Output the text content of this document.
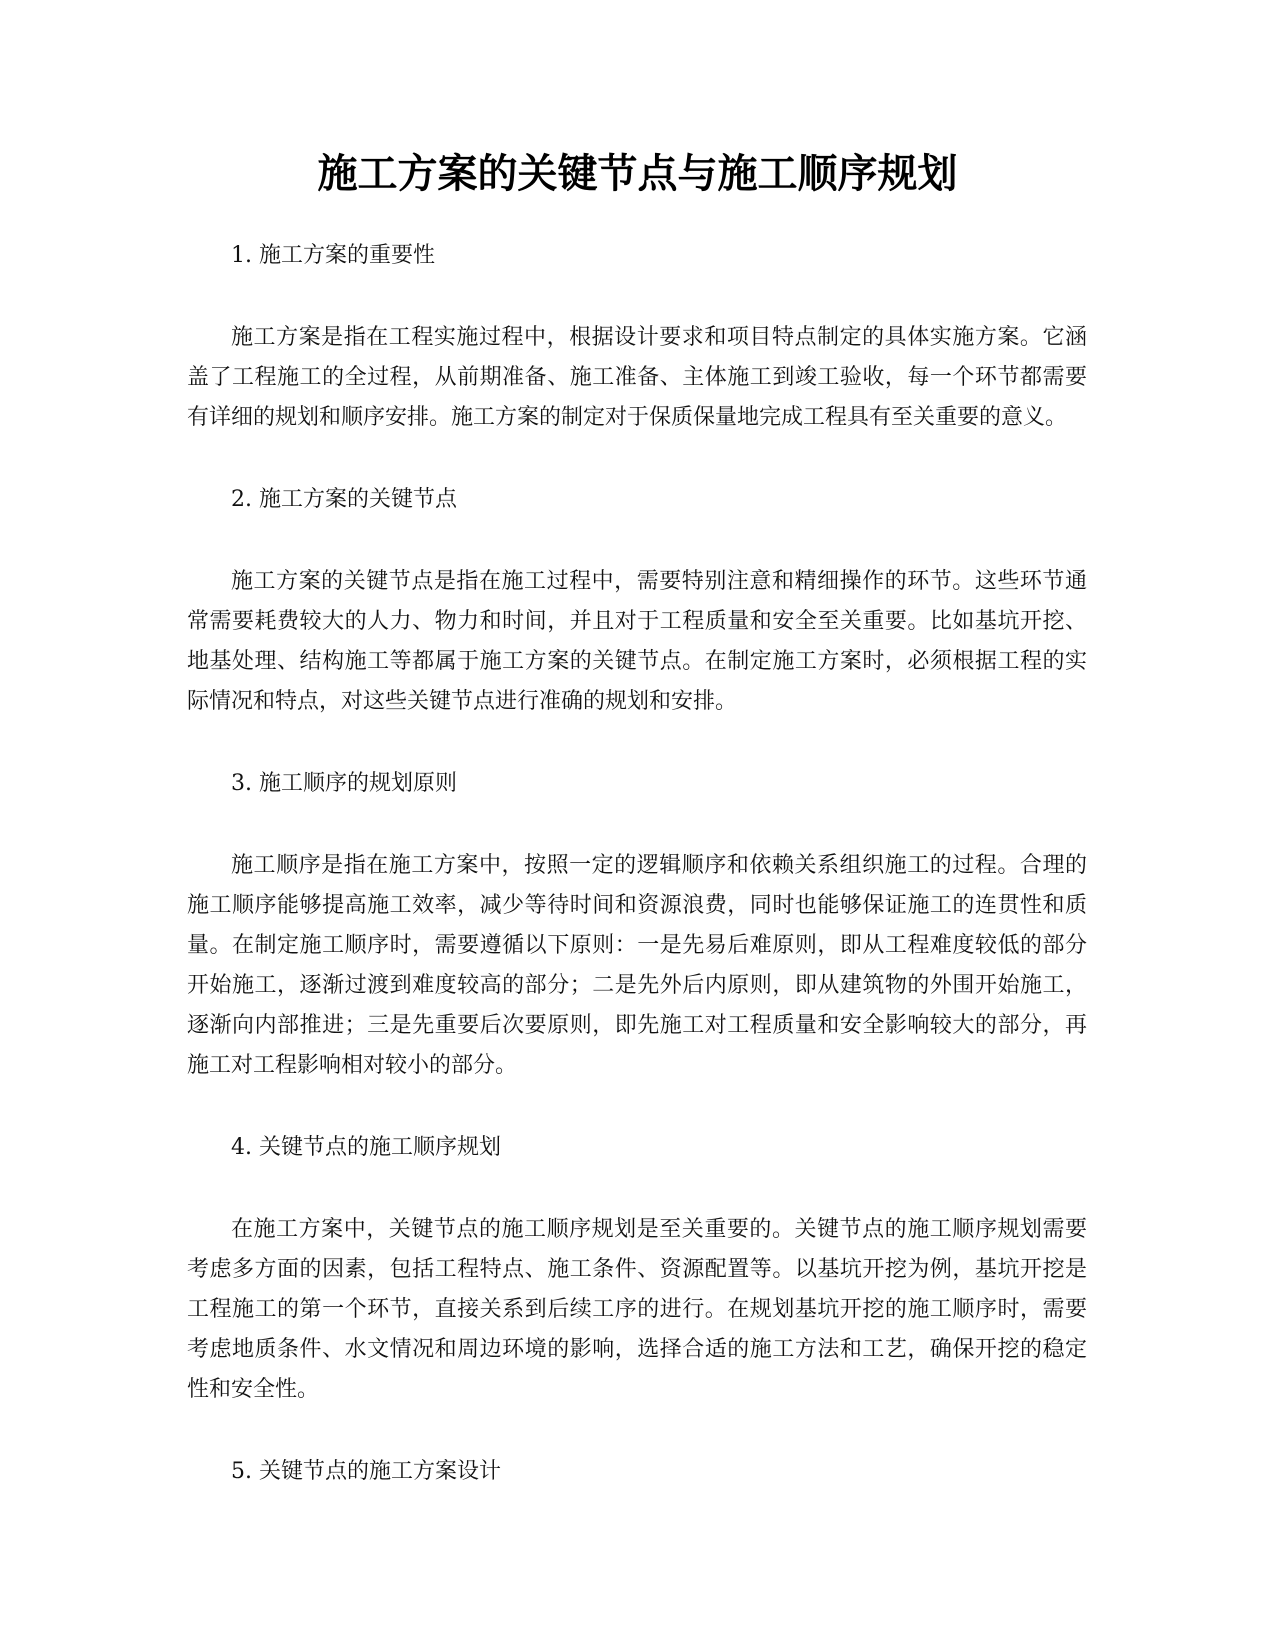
施工方案的关键节点与施工顺序规划

1. 施工方案的重要性

施工方案是指在工程实施过程中，根据设计要求和项目特点制定的具体实施方案。它涵盖了工程施工的全过程，从前期准备、施工准备、主体施工到竣工验收，每一个环节都需要有详细的规划和顺序安排。施工方案的制定对于保质保量地完成工程具有至关重要的意义。

2. 施工方案的关键节点

施工方案的关键节点是指在施工过程中，需要特别注意和精细操作的环节。这些环节通常需要耗费较大的人力、物力和时间，并且对于工程质量和安全至关重要。比如基坑开挖、地基处理、结构施工等都属于施工方案的关键节点。在制定施工方案时，必须根据工程的实际情况和特点，对这些关键节点进行准确的规划和安排。

3. 施工顺序的规划原则

施工顺序是指在施工方案中，按照一定的逻辑顺序和依赖关系组织施工的过程。合理的施工顺序能够提高施工效率，减少等待时间和资源浪费，同时也能够保证施工的连贯性和质量。在制定施工顺序时，需要遵循以下原则：一是先易后难原则，即从工程难度较低的部分开始施工，逐渐过渡到难度较高的部分；二是先外后内原则，即从建筑物的外围开始施工，逐渐向内部推进；三是先重要后次要原则，即先施工对工程质量和安全影响较大的部分，再施工对工程影响相对较小的部分。

4. 关键节点的施工顺序规划

在施工方案中，关键节点的施工顺序规划是至关重要的。关键节点的施工顺序规划需要考虑多方面的因素，包括工程特点、施工条件、资源配置等。以基坑开挖为例，基坑开挖是工程施工的第一个环节，直接关系到后续工序的进行。在规划基坑开挖的施工顺序时，需要考虑地质条件、水文情况和周边环境的影响，选择合适的施工方法和工艺，确保开挖的稳定性和安全性。

5. 关键节点的施工方案设计
